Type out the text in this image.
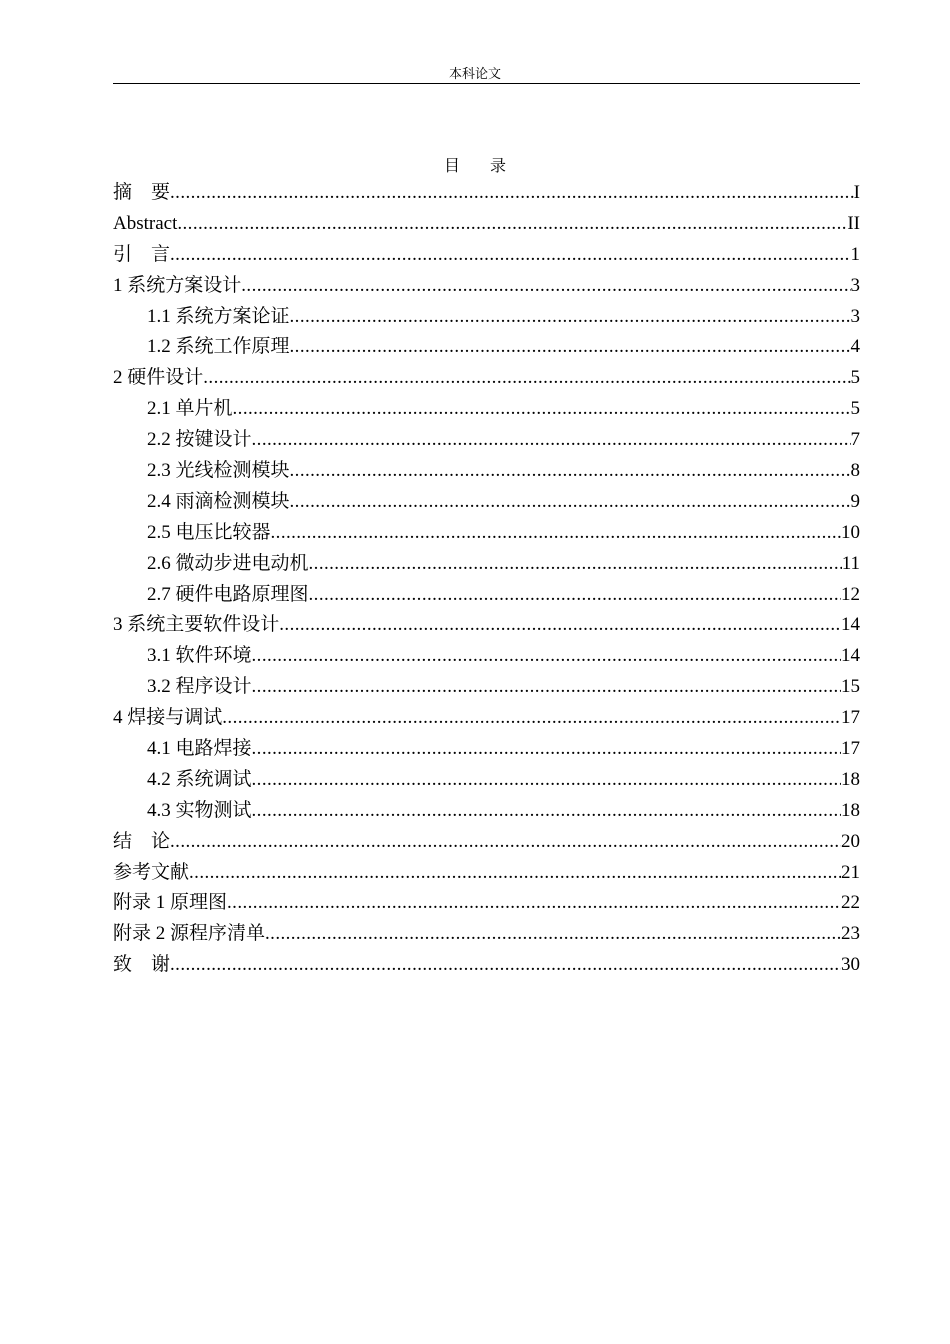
本科论文
目 录
摘    要 .....	I
Abstract .....	II
引    言 .....	1
1 系统方案设计 .....	3
1.1 系统方案论证 .....	3
1.2 系统工作原理 .....	4
2 硬件设计 .....	5
2.1 单片机 .....	5
2.2 按键设计 .....	7
2.3 光线检测模块 .....	8
2.4 雨滴检测模块 .....	9
2.5 电压比较器 .....	10
2.6 微动步进电动机 .....	11
2.7 硬件电路原理图 .....	12
3 系统主要软件设计 .....	14
3.1 软件环境 .....	14
3.2 程序设计 .....	15
4 焊接与调试 .....	17
4.1 电路焊接 .....	17
4.2 系统调试 .....	18
4.3 实物测试 .....	18
结    论 .....	20
参考文献 .....	21
附录 1 原理图 .....	22
附录 2 源程序清单 .....	23
致    谢 .....	30
